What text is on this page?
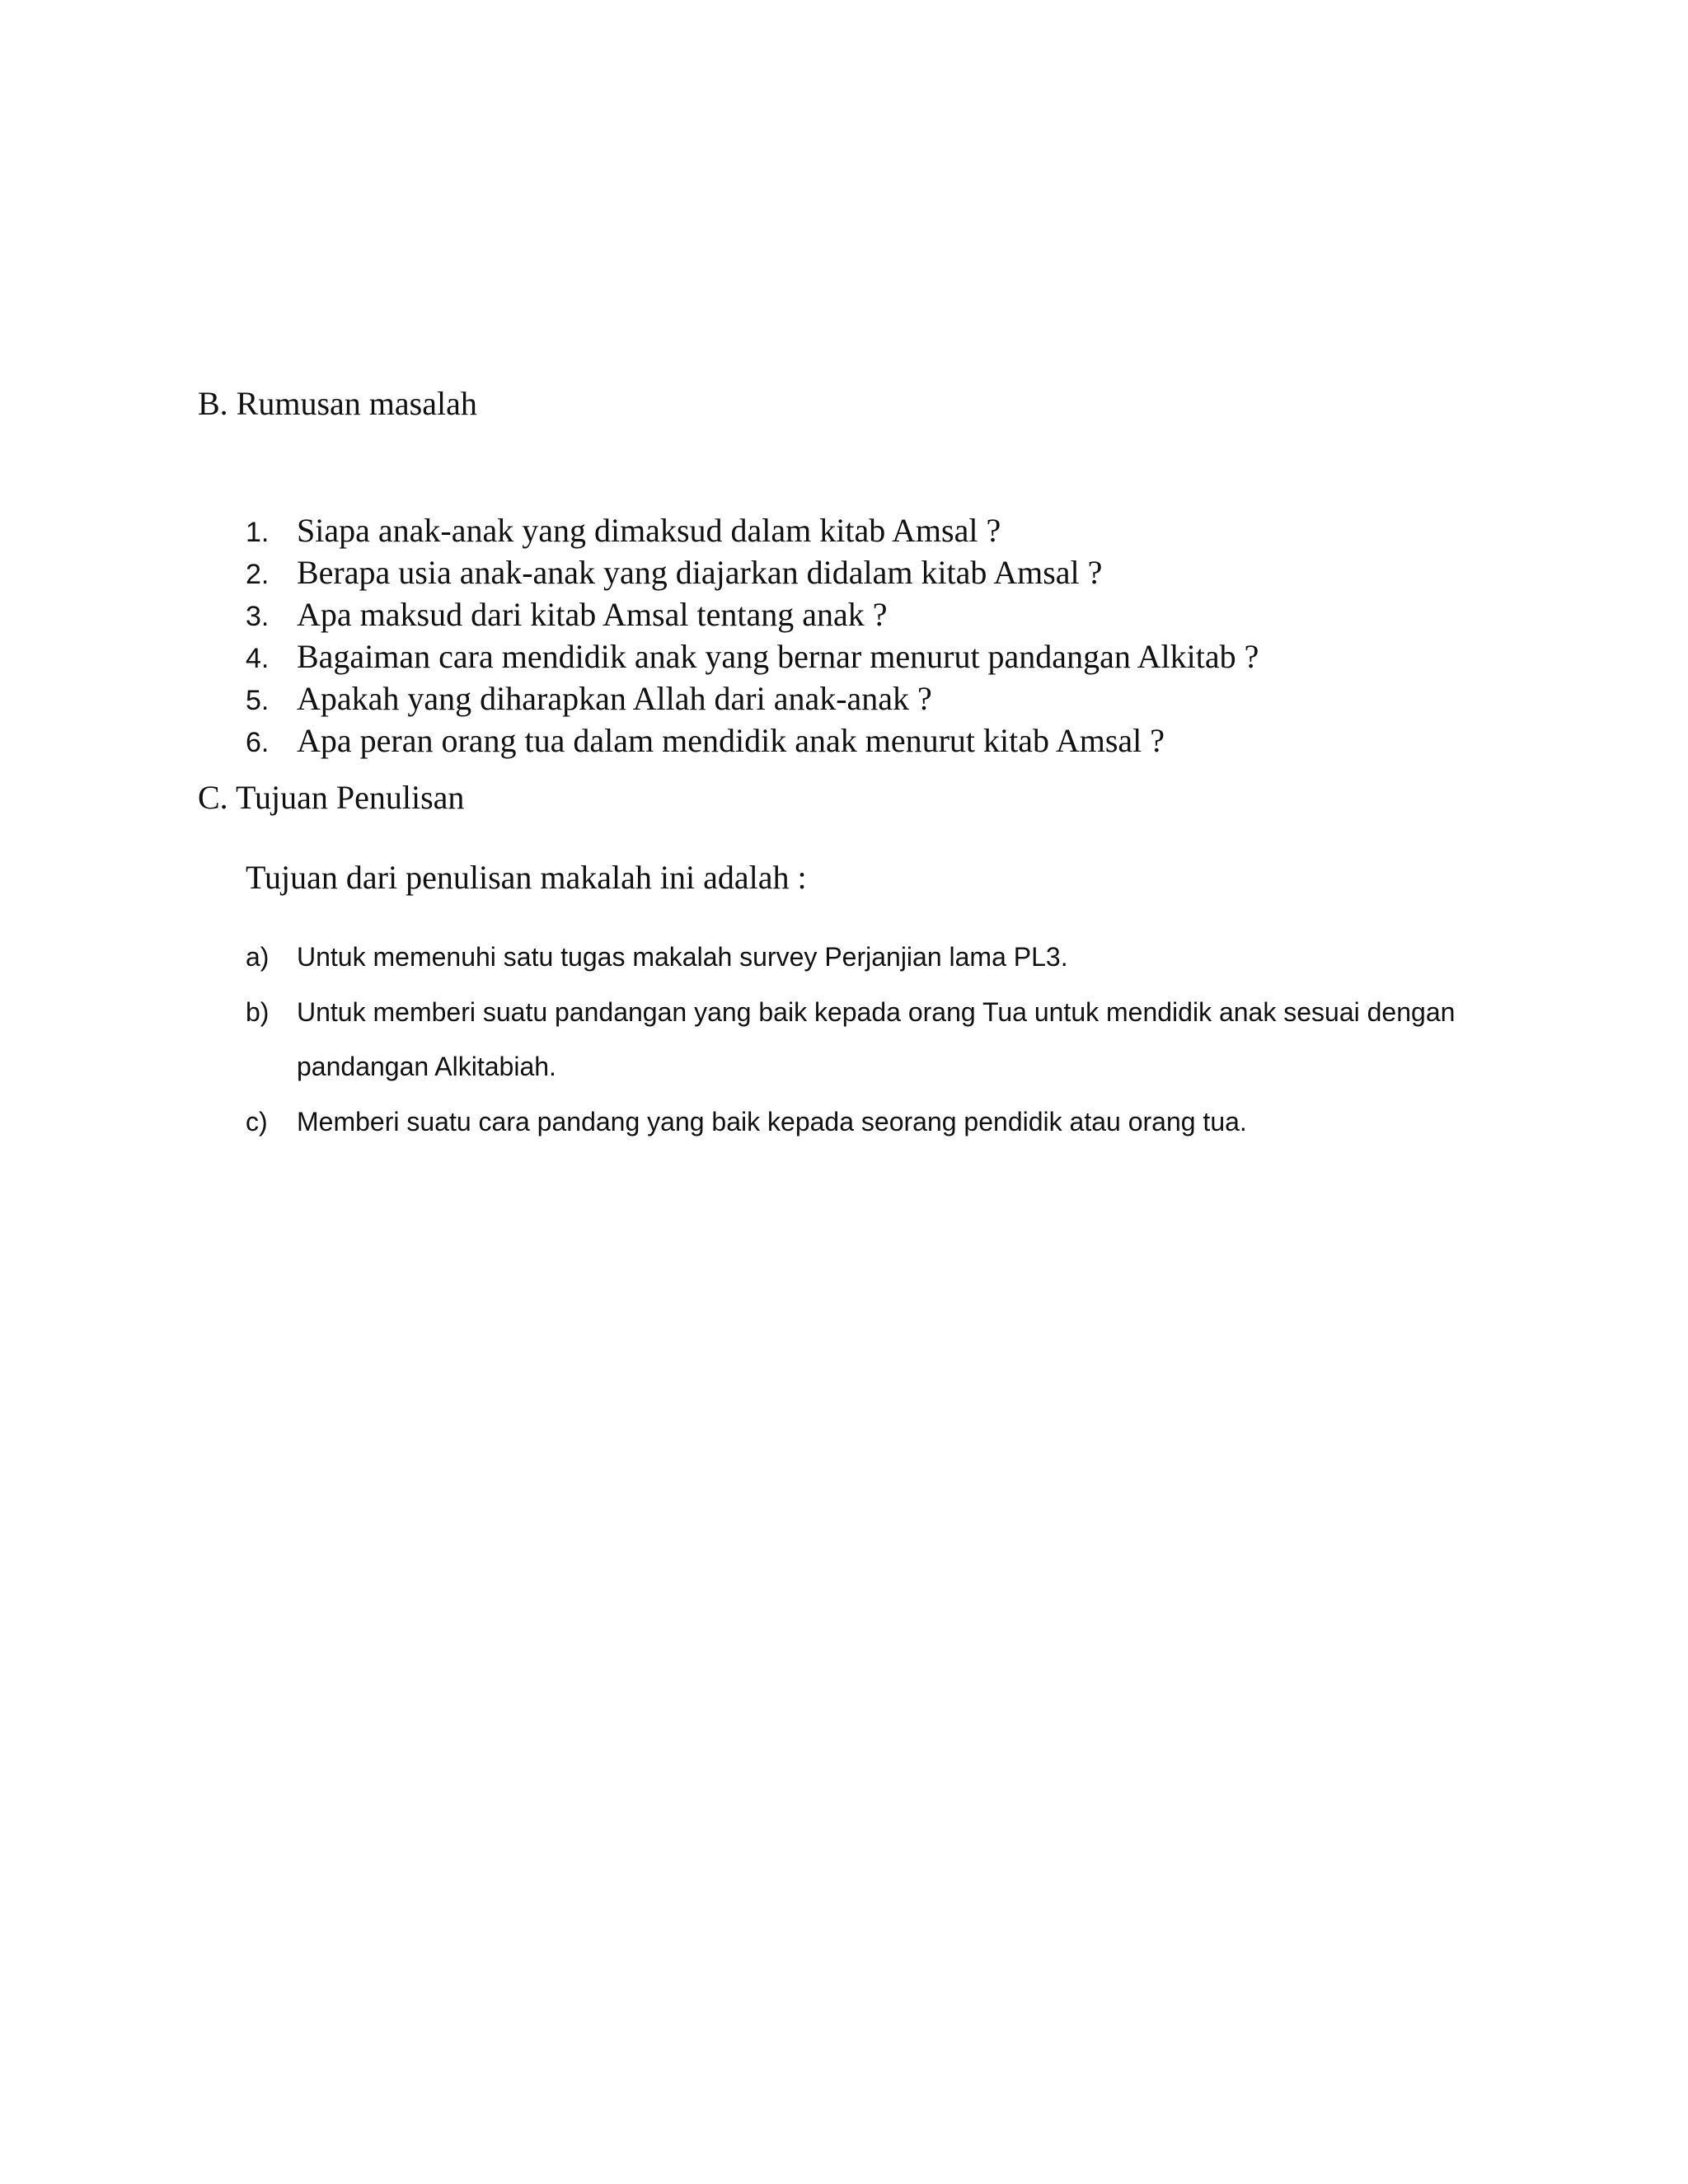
B. Rumusan masalah
1. Siapa anak-anak yang dimaksud dalam kitab Amsal ?
2. Berapa usia anak-anak yang diajarkan didalam kitab Amsal ?
3. Apa maksud dari kitab Amsal tentang anak ?
4. Bagaiman cara mendidik anak yang bernar menurut pandangan Alkitab ?
5. Apakah yang diharapkan Allah dari anak-anak ?
6. Apa peran orang tua dalam mendidik anak menurut kitab Amsal ?
C. Tujuan Penulisan
Tujuan dari penulisan makalah ini adalah :
a)	Untuk memenuhi satu tugas makalah survey Perjanjian lama PL3.
b)	Untuk memberi suatu pandangan yang baik kepada orang Tua untuk mendidik anak sesuai dengan pandangan Alkitabiah.
c)	Memberi suatu cara pandang yang baik kepada seorang pendidik atau orang tua.
